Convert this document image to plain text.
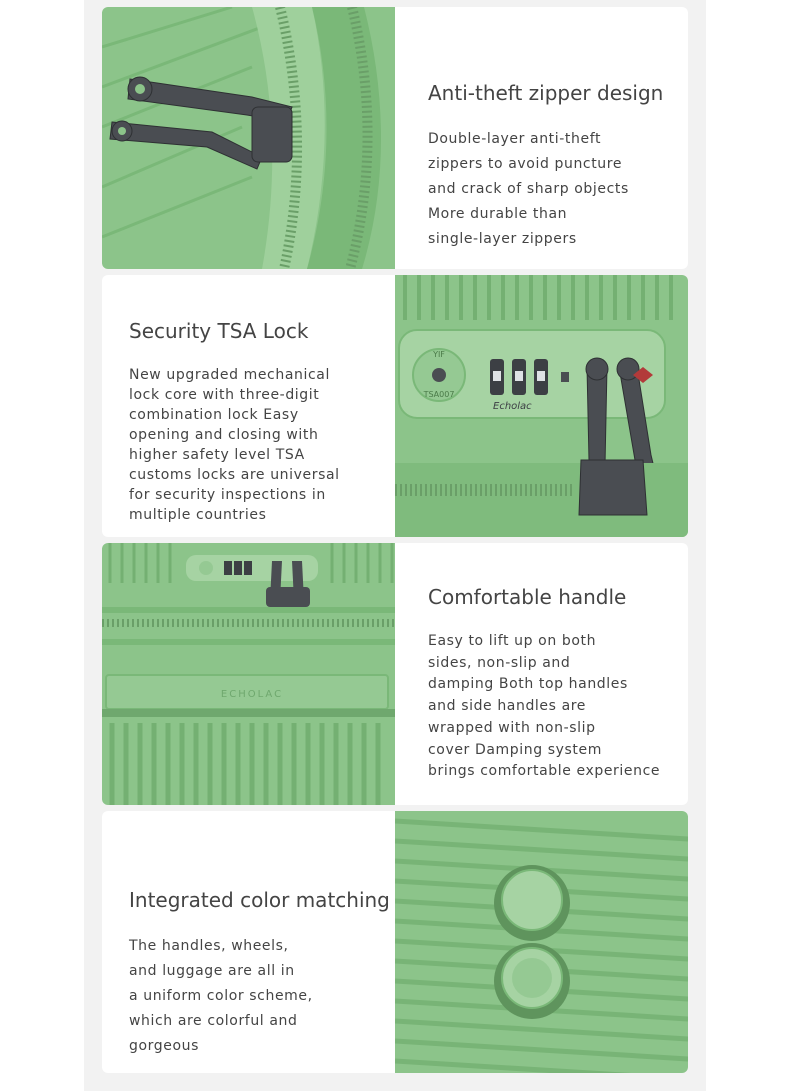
Anti-theft zipper design
Double-layer anti-theft
zippers to avoid puncture
and crack of sharp objects
More durable than
single-layer zippers
Security TSA Lock
New upgraded mechanical
lock core with three-digit
combination lock Easy
opening and closing with
higher safety level TSA
customs locks are universal
for security inspections in
multiple countries
YIF
TSA007
Echolac
ECHOLAC
Comfortable handle
Easy to lift up on both
sides, non-slip and
damping Both top handles
and side handles are
wrapped with non-slip
cover Damping system
brings comfortable experience
Integrated color matching
The handles, wheels,
and luggage are all in
a uniform color scheme,
which are colorful and
gorgeous
